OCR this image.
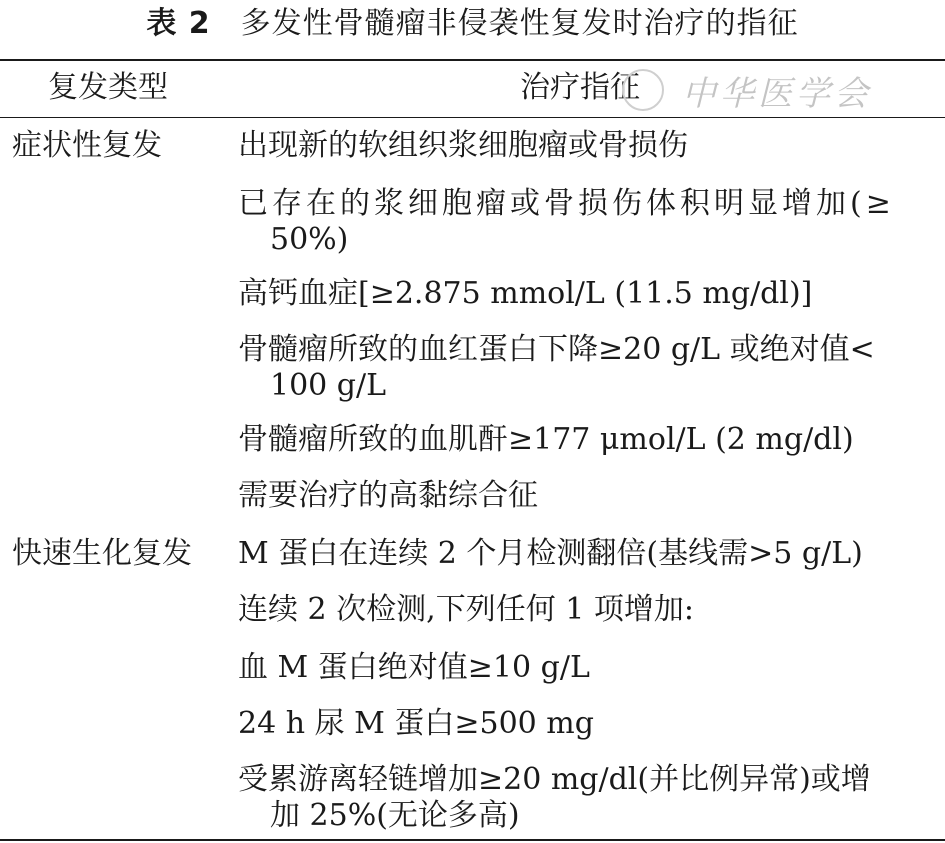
表 2 多发性骨髓瘤非侵袭性复发时治疗的指征
复发类型	治疗指征 中华医学会
症状性复发	出现新的软组织浆细胞瘤或骨损伤
已存在的浆细胞瘤或骨损伤体积明显增加(≥
50%)
高钙血症[≥2.875 mmol/L (11.5 mg/dl)]
骨髓瘤所致的血红蛋白下降≥20 g/L 或绝对值<
100 g/L
骨髓瘤所致的血肌酐≥177 μmol/L (2 mg/dl)
需要治疗的高黏综合征
快速生化复发 M 蛋白在连续 2 个月检测翻倍(基线需>5 g/L)
连续 2 次检测,下列任何 1 项增加:
血 M 蛋白绝对值≥10 g/L
24 h 尿 M 蛋白≥500 mg
受累游离轻链增加≥20 mg/dl(并比例异常)或增
加 25%(无论多高)
